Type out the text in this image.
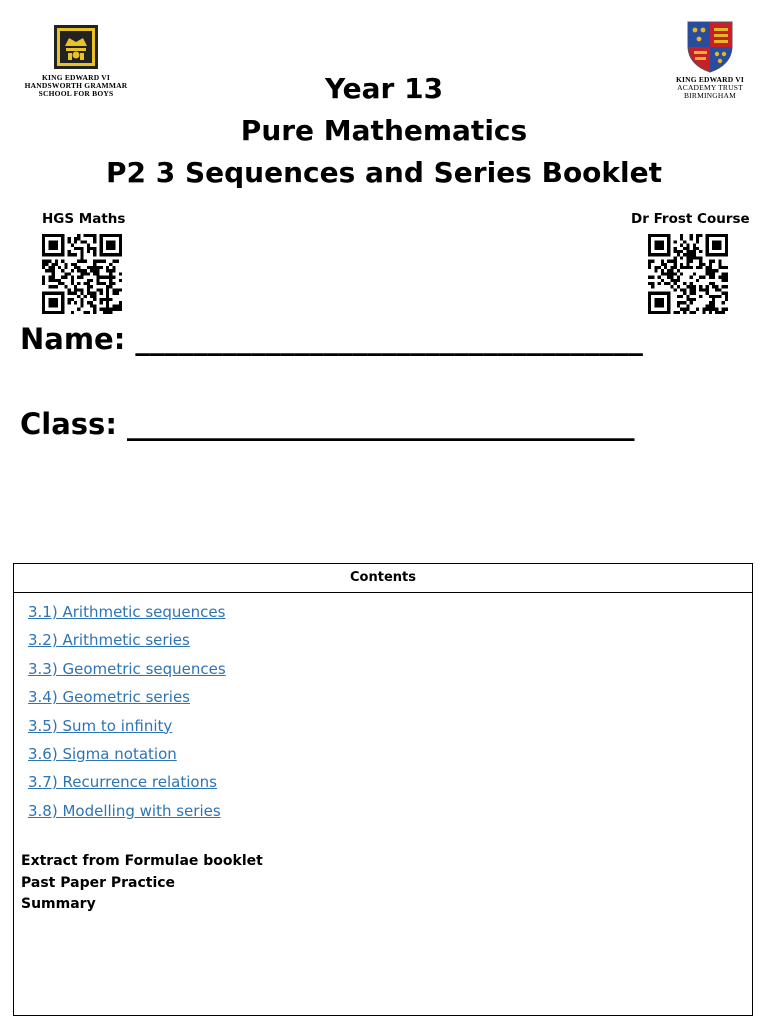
KING EDWARD VI
HANDSWORTH GRAMMAR
SCHOOL FOR BOYS
KING EDWARD VI
ACADEMY TRUST
BIRMINGHAM
Year 13
Pure Mathematics
P2 3 Sequences and Series Booklet
HGS Maths	Dr Frost Course
Name: ___________________________________
Class: ___________________________________
Contents
3.1) Arithmetic sequences
3.2) Arithmetic series
3.3) Geometric sequences
3.4) Geometric series
3.5) Sum to infinity
3.6) Sigma notation
3.7) Recurrence relations
3.8) Modelling with series
Extract from Formulae booklet
Past Paper Practice
Summary
